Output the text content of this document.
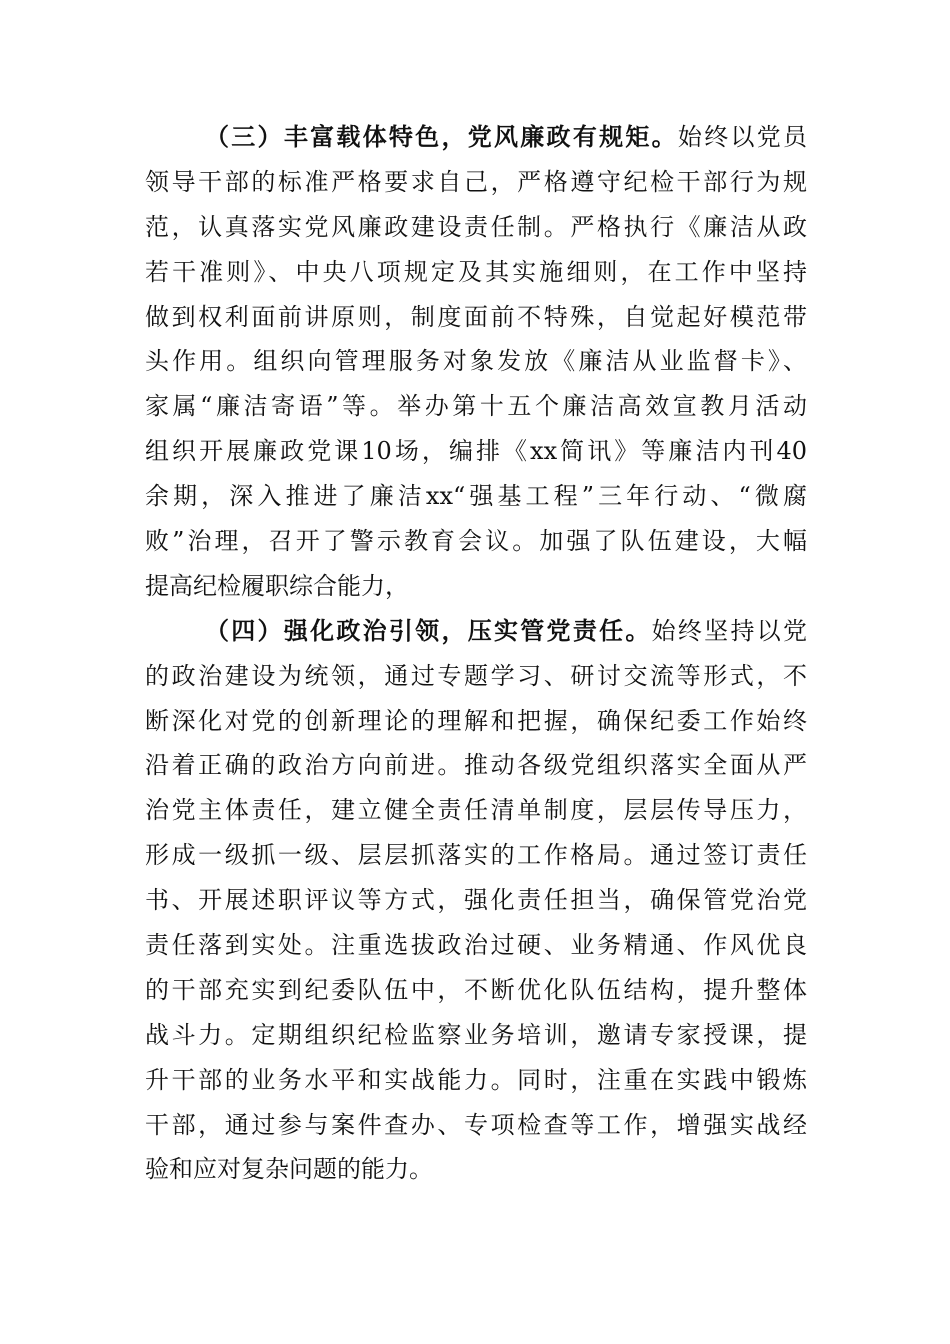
（三）丰富载体特色，党风廉政有规矩。始终以党员
领导干部的标准严格要求自己，严格遵守纪检干部行为规
范，认真落实党风廉政建设责任制。严格执行《廉洁从政
若干准则》、中央八项规定及其实施细则，在工作中坚持
做到权利面前讲原则，制度面前不特殊，自觉起好模范带
头作用。组织向管理服务对象发放《廉洁从业监督卡》、
家属“廉洁寄语”等。举办第十五个廉洁高效宣教月活动
组织开展廉政党课10场，编排《xx简讯》等廉洁内刊40
余期，深入推进了廉洁xx“强基工程”三年行动、“微腐
败”治理，召开了警示教育会议。加强了队伍建设，大幅
提高纪检履职综合能力，
（四）强化政治引领，压实管党责任。始终坚持以党
的政治建设为统领，通过专题学习、研讨交流等形式，不
断深化对党的创新理论的理解和把握，确保纪委工作始终
沿着正确的政治方向前进。推动各级党组织落实全面从严
治党主体责任，建立健全责任清单制度，层层传导压力，
形成一级抓一级、层层抓落实的工作格局。通过签订责任
书、开展述职评议等方式，强化责任担当，确保管党治党
责任落到实处。注重选拔政治过硬、业务精通、作风优良
的干部充实到纪委队伍中，不断优化队伍结构，提升整体
战斗力。定期组织纪检监察业务培训，邀请专家授课，提
升干部的业务水平和实战能力。同时，注重在实践中锻炼
干部，通过参与案件查办、专项检查等工作，增强实战经
验和应对复杂问题的能力。
